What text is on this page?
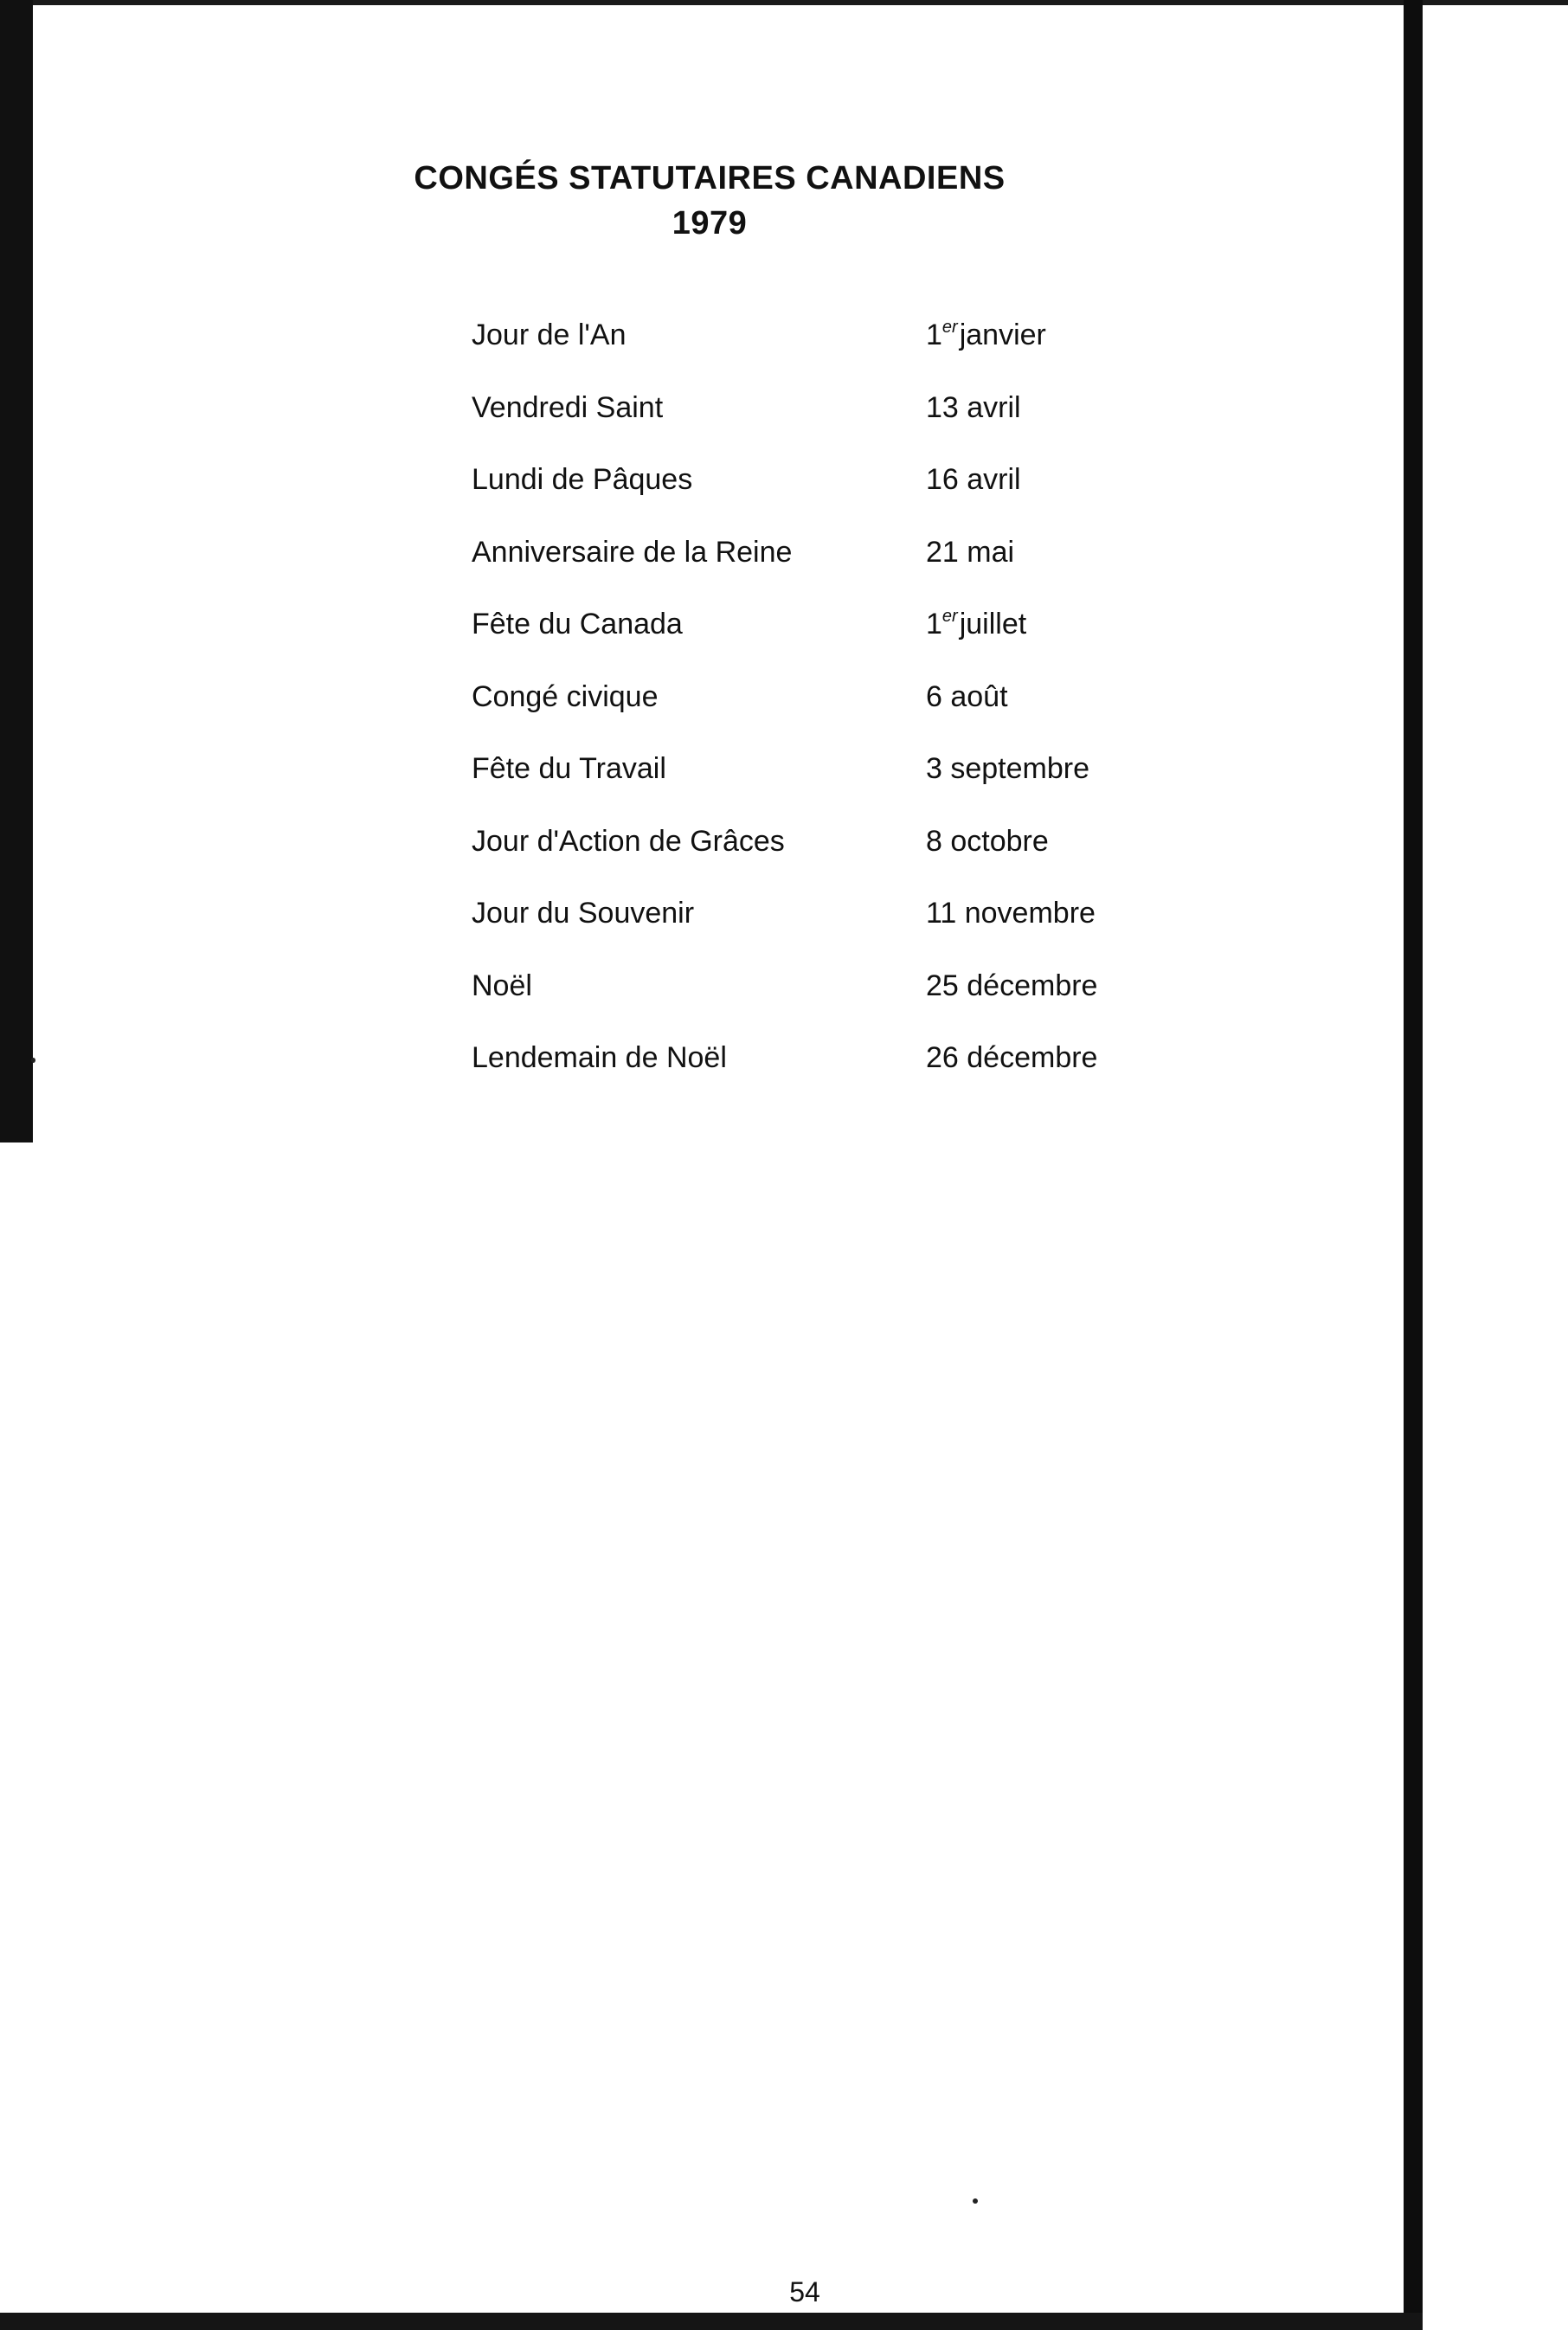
CONGÉS STATUTAIRES CANADIENS
1979
Jour de l'An	1erjanvier
Vendredi Saint	13 avril
Lundi de Pâques	16 avril
Anniversaire de la Reine	21 mai
Fête du Canada	1erjuillet
Congé civique	6 août
Fête du Travail	3 septembre
Jour d'Action de Grâces	8 octobre
Jour du Souvenir	11 novembre
Noël	25 décembre
Lendemain de Noël	26 décembre
54
